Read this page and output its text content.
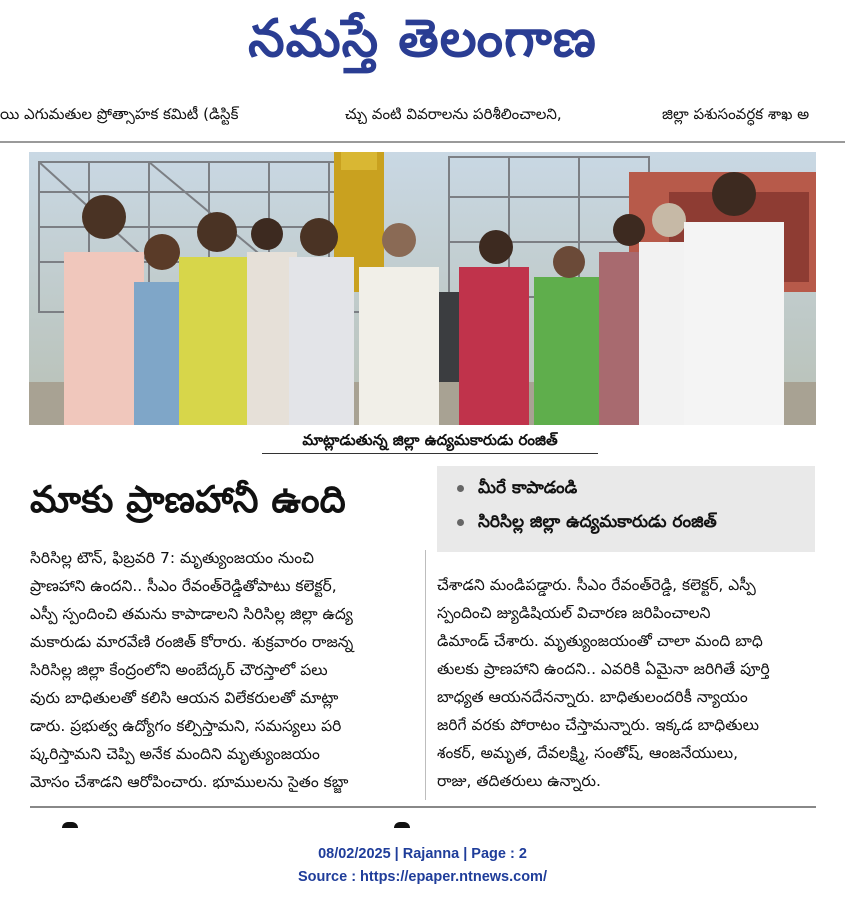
నమస్తే తెలంగాణ
యి ఎగుమతుల ప్రోత్సాహక కమిటీ (డిస్టిక్	చ్చు వంటి వివరాలను పరిశీలించాలని,	జిల్లా పశుసంవర్ధక శాఖ అ
మాట్లాడుతున్న జిల్లా ఉద్యమకారుడు రంజిత్
మాకు ప్రాణహానీ ఉంది	మీరే కాపాడండి
సిరిసిల్ల జిల్లా ఉద్యమకారుడు రంజిత్

సిరిసిల్ల టౌన్, ఫిబ్రవరి 7: మృత్యుంజయం నుంచి

ప్రాణహాని ఉందని.. సీఎం రేవంత్‌రెడ్డితోపాటు కలెక్టర్,

ఎస్పీ స్పందించి తమను కాపాడాలని సిరిసిల్ల జిల్లా ఉద్య

మకారుడు మారవేణి రంజిత్ కోరారు. శుక్రవారం రాజన్న

సిరిసిల్ల జిల్లా కేంద్రంలోని అంబేద్కర్ చౌరస్తాలో పలు

వురు బాధితులతో కలిసి ఆయన విలేకరులతో మాట్లా

డారు. ప్రభుత్వ ఉద్యోగం కల్పిస్తామని, సమస్యలు పరి

ష్కరిస్తామని చెప్పి అనేక మందిని మృత్యుంజయం

మోసం చేశాడని ఆరోపించారు. భూములను సైతం కబ్జా

చేశాడని మండిపడ్డారు. సీఎం రేవంత్‌రెడ్డి, కలెక్టర్, ఎస్పీ

స్పందించి జ్యుడిషియల్ విచారణ జరిపించాలని

డిమాండ్ చేశారు. మృత్యుంజయంతో చాలా మంది బాధి

తులకు ప్రాణహాని ఉందని.. ఎవరికి ఏమైనా జరిగితే పూర్తి

బాధ్యత ఆయనదేనన్నారు. బాధితులందరికీ న్యాయం

జరిగే వరకు పోరాటం చేస్తామన్నారు. ఇక్కడ బాధితులు

శంకర్, అమృత, దేవలక్ష్మి, సంతోష్, ఆంజనేయులు,

రాజు, తదితరులు ఉన్నారు.

08/02/2025 | Rajanna | Page : 2
Source : https://epaper.ntnews.com/
